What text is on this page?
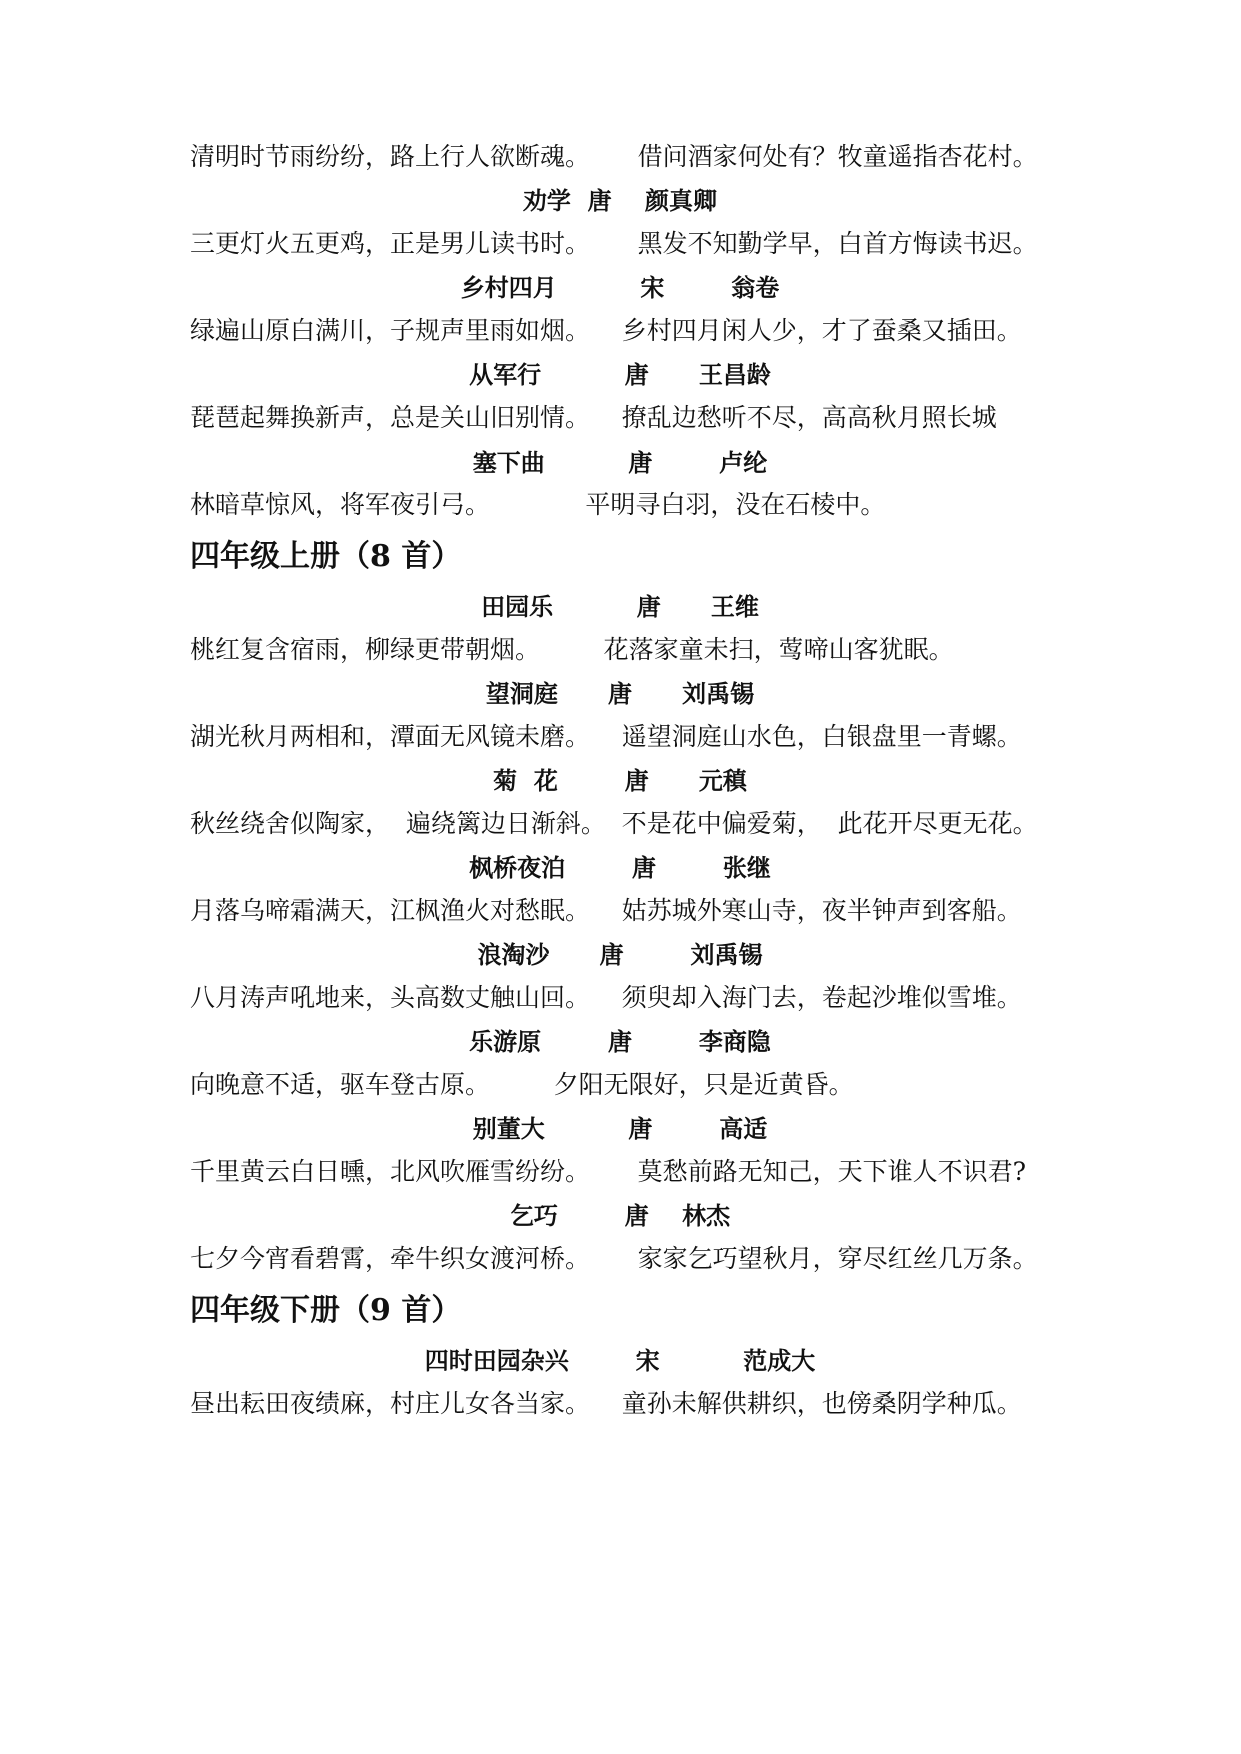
清明时节雨纷纷，路上行人欲断魂。      借问酒家何处有？牧童遥指杏花村。
劝学  唐    颜真卿
三更灯火五更鸡，正是男儿读书时。      黑发不知勤学早，白首方悔读书迟。
乡村四月          宋        翁卷
绿遍山原白满川，子规声里雨如烟。    乡村四月闲人少，才了蚕桑又插田。
从军行          唐      王昌龄
琵琶起舞换新声，总是关山旧别情。    撩乱边愁听不尽，高高秋月照长城
塞下曲          唐        卢纶
林暗草惊风，将军夜引弓。            平明寻白羽，没在石棱中。
四年级上册（8 首）
田园乐          唐      王维
桃红复含宿雨，柳绿更带朝烟。        花落家童未扫，莺啼山客犹眠。
望洞庭      唐      刘禹锡
湖光秋月两相和，潭面无风镜未磨。    遥望洞庭山水色，白银盘里一青螺。
菊  花        唐      元稹
秋丝绕舍似陶家，  遍绕篱边日渐斜。  不是花中偏爱菊，  此花开尽更无花。
枫桥夜泊        唐        张继
月落乌啼霜满天，江枫渔火对愁眠。    姑苏城外寒山寺，夜半钟声到客船。
浪淘沙      唐        刘禹锡
八月涛声吼地来，头高数丈触山回。    须臾却入海门去，卷起沙堆似雪堆。
乐游原        唐        李商隐
向晚意不适，驱车登古原。        夕阳无限好，只是近黄昏。
别董大          唐        高适
千里黄云白日曛，北风吹雁雪纷纷。      莫愁前路无知己，天下谁人不识君?
乞巧        唐    林杰
七夕今宵看碧霄，牵牛织女渡河桥。      家家乞巧望秋月，穿尽红丝几万条。
四年级下册（9 首）
四时田园杂兴        宋          范成大
昼出耘田夜绩麻，村庄儿女各当家。    童孙未解供耕织，也傍桑阴学种瓜。
